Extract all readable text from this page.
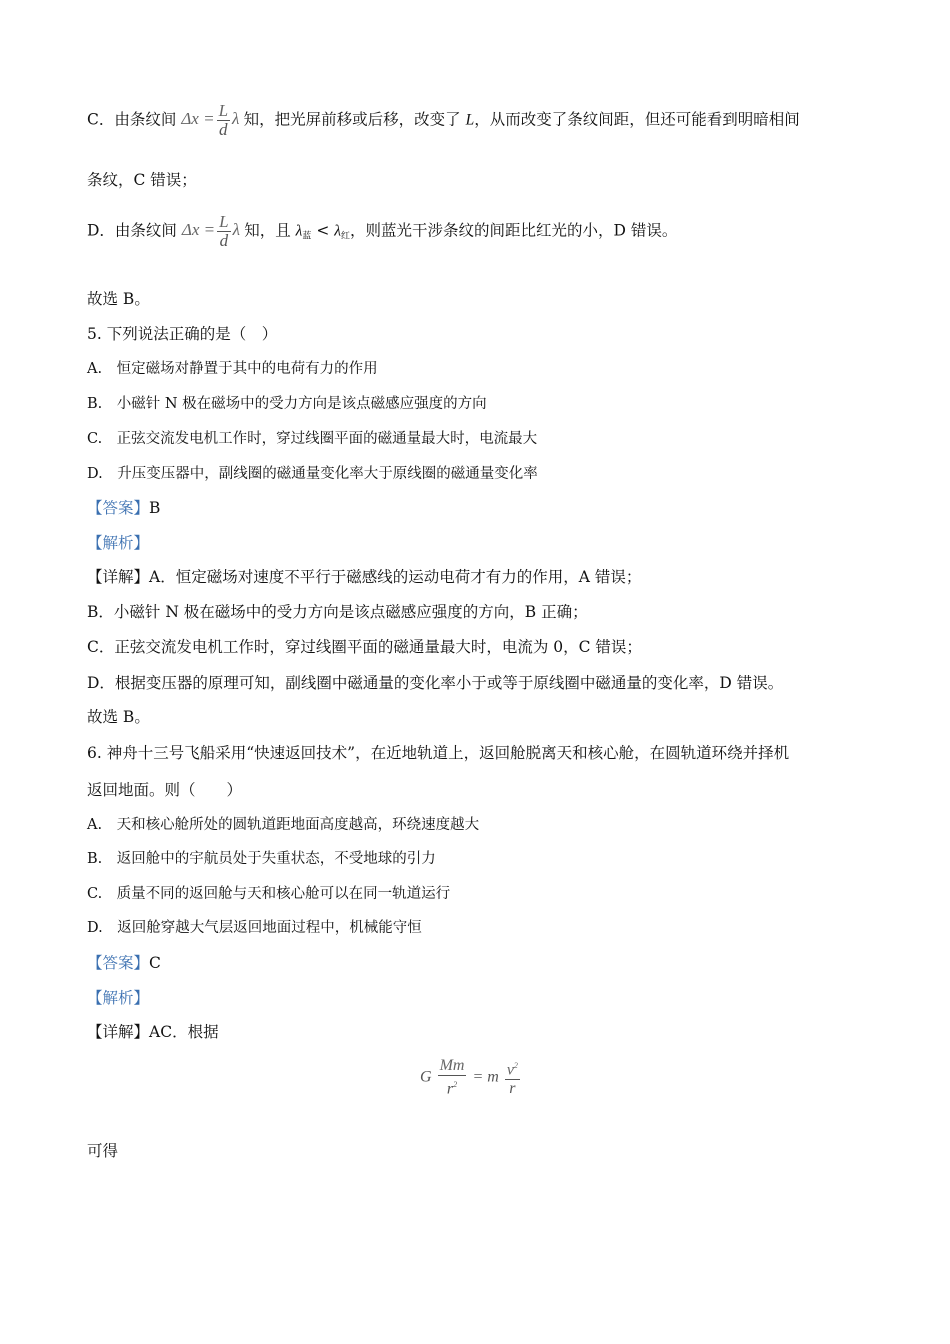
C．由条纹间 $\Delta x = \frac{L}{d}$ λ 知，把光屏前移或后移，改变了 L，从而改变了条纹间距，但还可能看到明暗相间
条纹，C 错误；
D．由条纹间 $\Delta x = \frac{L}{d}$ λ 知，且 $\lambda_蓝 < \lambda_红$，则蓝光干涉条纹的间距比红光的小，D 错误。
故选 B。
5. 下列说法正确的是（　）
A.　恒定磁场对静置于其中的电荷有力的作用
B.　小磁针 N 极在磁场中的受力方向是该点磁感应强度的方向
C.　正弦交流发电机工作时，穿过线圈平面的磁通量最大时，电流最大
D.　升压变压器中，副线圈的磁通量变化率大于原线圈的磁通量变化率
【答案】B
【解析】
【详解】A．恒定磁场对速度不平行于磁感线的运动电荷才有力的作用，A 错误；
B．小磁针 N 极在磁场中的受力方向是该点磁感应强度的方向，B 正确；
C．正弦交流发电机工作时，穿过线圈平面的磁通量最大时，电流为 0，C 错误；
D．根据变压器的原理可知，副线圈中磁通量的变化率小于或等于原线圈中磁通量的变化率，D 错误。
故选 B。
6. 神舟十三号飞船采用“快速返回技术”，在近地轨道上，返回舱脱离天和核心舱，在圆轨道环绕并择机
返回地面。则（　　）
A.　天和核心舱所处的圆轨道距地面高度越高，环绕速度越大
B.　返回舱中的宇航员处于失重状态，不受地球的引力
C.　质量不同的返回舱与天和核心舱可以在同一轨道运行
D.　返回舱穿越大气层返回地面过程中，机械能守恒
【答案】C
【解析】
【详解】AC．根据
G $\frac{Mm}{r^2} = m \frac{v^2}{r}$
可得
